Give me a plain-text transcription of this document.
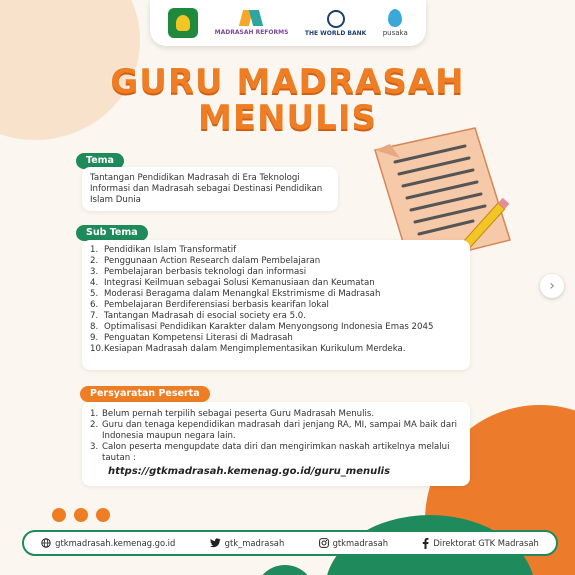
MADRASAH REFORMS	THE WORLD BANK pusaka
GURU MADRASAH
MENULIS
Tema

Tantangan Pendidikan Madrasah di Era Teknologi Informasi dan Madrasah sebagai Destinasi Pendidikan Islam Dunia

Sub Tema
1. Pendidikan Islam Transformatif
2. Penggunaan Action Research dalam Pembelajaran
3. Pembelajaran berbasis teknologi dan informasi
4. Integrasi Keilmuan sebagai Solusi Kemanusiaan dan Keumatan
5. Moderasi Beragama dalam Menangkal Ekstrimisme di Madrasah
6. Pembelajaran Berdiferensiasi berbasis kearifan lokal
7. Tantangan Madrasah di esocial society era 5.0.
8. Optimalisasi Pendidikan Karakter dalam Menyongsong Indonesia Emas 2045
9. Penguatan Kompetensi Literasi di Madrasah
10. Kesiapan Madrasah dalam Mengimplementasikan Kurikulum Merdeka.
Persyaratan Peserta
1. Belum pernah terpilih sebagai peserta Guru Madrasah Menulis.
2. Guru dan tenaga kependidikan madrasah dari jenjang RA, MI, sampai MA baik dari Indonesia maupun negara lain.
3. Calon peserta mengupdate data diri dan mengirimkan naskah artikelnya melalui tautan :
https://gtkmadrasah.kemenag.go.id/guru_menulis
›
gtkmadrasah.kemenag.go.id	gtk_madrasah	gtkmadrasah	Direktorat GTK Madrasah
